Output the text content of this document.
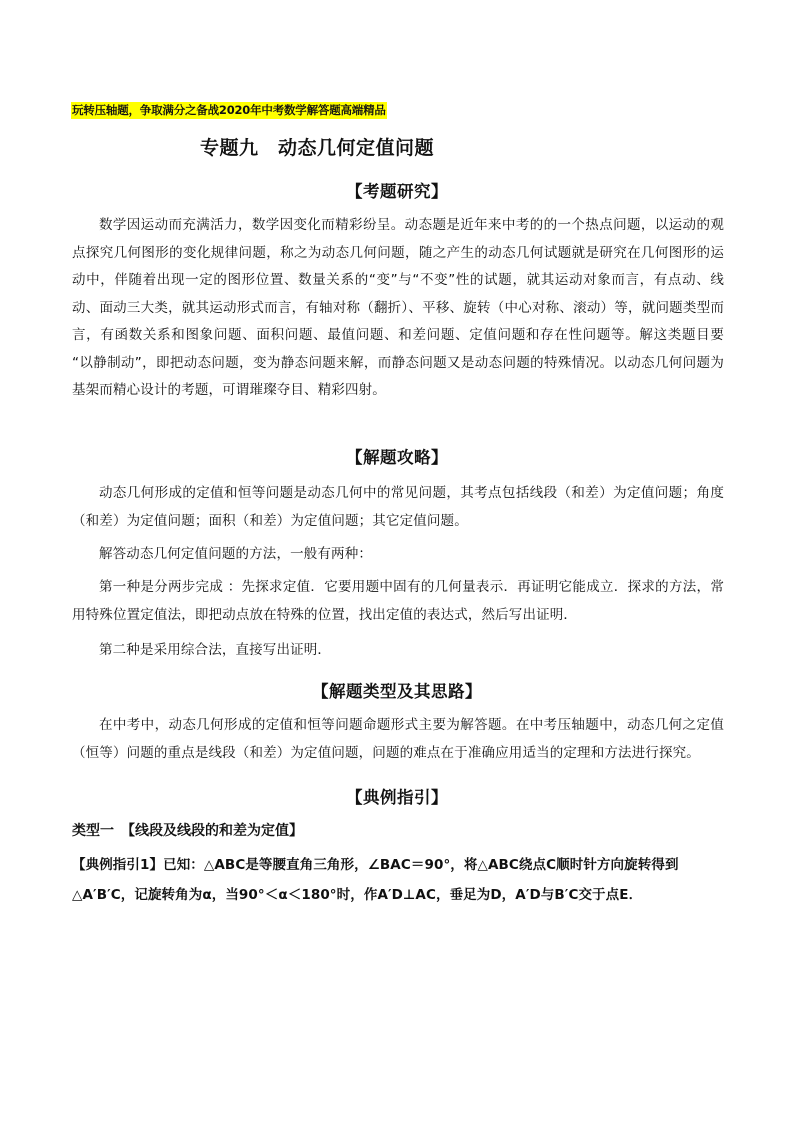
玩转压轴题，争取满分之备战2020年中考数学解答题高端精品
专题九　动态几何定值问题
【考题研究】

数学因运动而充满活力，数学因变化而精彩纷呈。动态题是近年来中考的的一个热点问题，以运动的观点探究几何图形的变化规律问题，称之为动态几何问题，随之产生的动态几何试题就是研究在几何图形的运动中，伴随着出现一定的图形位置、数量关系的“变”与“不变”性的试题，就其运动对象而言，有点动、线动、面动三大类，就其运动形式而言，有轴对称（翻折）、平移、旋转（中心对称、滚动）等，就问题类型而言，有函数关系和图象问题、面积问题、最值问题、和差问题、定值问题和存在性问题等。解这类题目要 “以静制动”，即把动态问题，变为静态问题来解，而静态问题又是动态问题的特殊情况。以动态几何问题为基架而精心设计的考题，可谓璀璨夺目、精彩四射。

【解题攻略】

动态几何形成的定值和恒等问题是动态几何中的常见问题，其考点包括线段（和差）为定值问题；角度（和差）为定值问题；面积（和差）为定值问题；其它定值问题。

解答动态几何定值问题的方法，一般有两种：

第一种是分两步完成 ：先探求定值．它要用题中固有的几何量表示．再证明它能成立．探求的方法，常用特殊位置定值法，即把动点放在特殊的位置，找出定值的表达式，然后写出证明．

第二种是采用综合法，直接写出证明．

【解题类型及其思路】

在中考中，动态几何形成的定值和恒等问题命题形式主要为解答题。在中考压轴题中，动态几何之定值（恒等）问题的重点是线段（和差）为定值问题，问题的难点在于准确应用适当的定理和方法进行探究。

【典例指引】
类型一　【线段及线段的和差为定值】

【典例指引1】已知：△ABC是等腰直角三角形，∠BAC＝90°，将△ABC绕点C顺时针方向旋转得到△A′B′C，记旋转角为α，当90°＜α＜180°时，作A′D⊥AC，垂足为D，A′D与B′C交于点E．
